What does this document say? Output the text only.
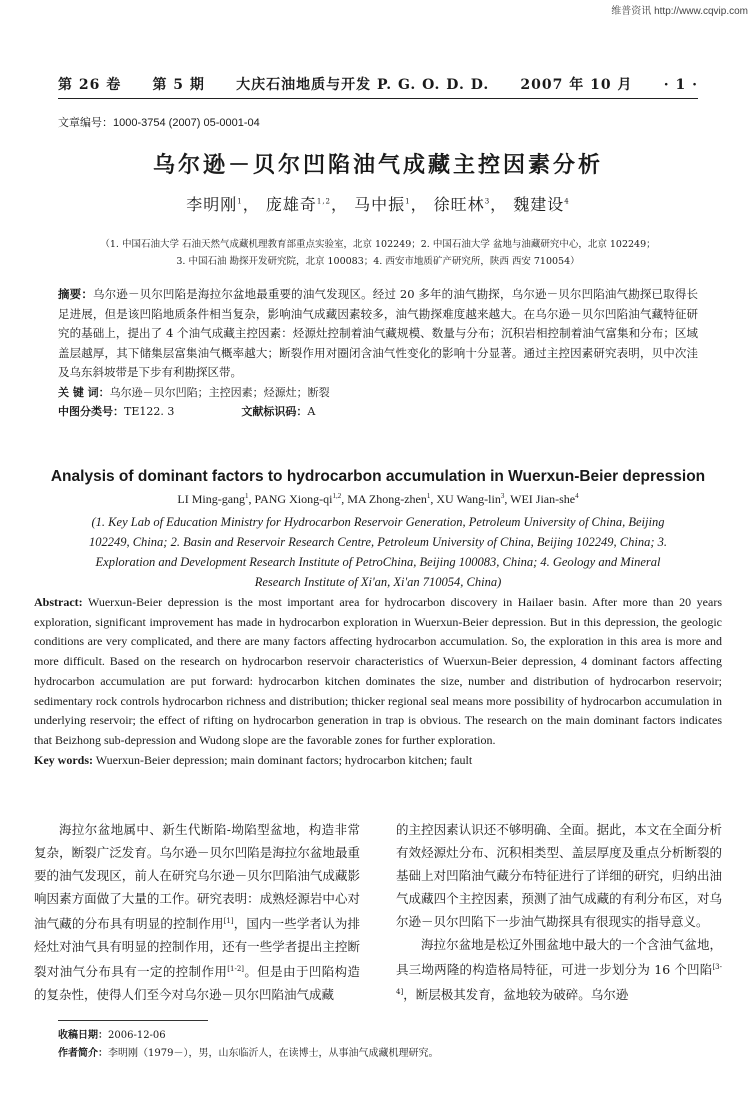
维普资讯 http://www.cqvip.com
第 26 卷 第 5 期 大庆石油地质与开发 P. G. O. D. D. 2007 年 10 月 · 1 ·
文章编号：1000-3754 (2007) 05-0001-04
乌尔逊－贝尔凹陷油气成藏主控因素分析
李明刚$^1$， 庞雄奇$^{1,2}$， 马中振$^1$， 徐旺林$^3$， 魏建设$^4$
（1. 中国石油大学 石油天然气成藏机理教育部重点实验室，北京 102249；2. 中国石油大学 盆地与油藏研究中心，北京 102249；
3. 中国石油 勘探开发研究院，北京 100083；4. 西安市地质矿产研究所，陕西 西安 710054）
摘要：乌尔逊－贝尔凹陷是海拉尔盆地最重要的油气发现区。经过 20 多年的油气勘探，乌尔逊－贝尔凹陷油气勘探已取得长足进展，但是该凹陷地质条件相当复杂，影响油气成藏因素较多，油气勘探难度越来越大。在乌尔逊－贝尔凹陷油气藏特征研究的基础上，提出了 4 个油气成藏主控因素：烃源灶控制着油气藏规模、数量与分布；沉积岩相控制着油气富集和分布；区域盖层越厚，其下储集层富集油气概率越大；断裂作用对圈闭含油气性变化的影响十分显著。通过主控因素研究表明，贝中次洼及乌东斜坡带是下步有利勘探区带。
关 键 词：乌尔逊－贝尔凹陷；主控因素；烃源灶；断裂
中图分类号：TE122. 3	文献标识码：A
Analysis of dominant factors to hydrocarbon accumulation in Wuerxun-Beier depression
LI Ming-gang$^1$, PANG Xiong-qi$^{1,2}$, MA Zhong-zhen$^1$, XU Wang-lin$^3$, WEI Jian-she$^4$
(1. Key Lab of Education Ministry for Hydrocarbon Reservoir Generation, Petroleum University of China, Beijing 102249, China; 2. Basin and Reservoir Research Centre, Petroleum University of China, Beijing 102249, China; 3. Exploration and Development Research Institute of PetroChina, Beijing 100083, China; 4. Geology and Mineral Research Institute of Xi'an, Xi'an 710054, China)
Abstract: Wuerxun-Beier depression is the most important area for hydrocarbon discovery in Hailaer basin. After more than 20 years exploration, significant improvement has made in hydrocarbon exploration in Wuerxun-Beier depression. But in this depression, the geologic conditions are very complicated, and there are many factors affecting hydrocarbon accumulation. So, the exploration in this area is more and more difficult. Based on the research on hydrocarbon reservoir characteristics of Wuerxun-Beier depression, 4 dominant factors affecting hydrocarbon accumulation are put forward: hydrocarbon kitchen dominates the size, number and distribution of hydrocarbon reservoir; sedimentary rock controls hydrocarbon richness and distribution; thicker regional seal means more possibility of hydrocarbon accumulation in underlying reservoir; the effect of rifting on hydrocarbon generation in trap is obvious. The research on the main dominant factors indicates that Beizhong sub-depression and Wudong slope are the favorable zones for further exploration.
Key words: Wuerxun-Beier depression; main dominant factors; hydrocarbon kitchen; fault

海拉尔盆地属中、新生代断陷-坳陷型盆地，构造非常复杂，断裂广泛发育。乌尔逊－贝尔凹陷是海拉尔盆地最重要的油气发现区，前人在研究乌尔逊－贝尔凹陷油气成藏影响因素方面做了大量的工作。研究表明：成熟烃源岩中心对油气藏的分布具有明显的控制作用[1]，国内一些学者认为排烃灶对油气具有明显的控制作用，还有一些学者提出主控断裂对油气分布具有一定的控制作用[1-2]。但是由于凹陷构造的复杂性，使得人们至今对乌尔逊－贝尔凹陷油气成藏

的主控因素认识还不够明确、全面。据此，本文在全面分析有效烃源灶分布、沉积相类型、盖层厚度及重点分析断裂的基础上对凹陷油气藏分布特征进行了详细的研究，归纳出油气成藏四个主控因素，预测了油气成藏的有利分布区，对乌尔逊－贝尔凹陷下一步油气勘探具有很现实的指导意义。

海拉尔盆地是松辽外围盆地中最大的一个含油气盆地，具三坳两隆的构造格局特征，可进一步划分为 16 个凹陷[3-4]，断层极其发育，盆地较为破碎。乌尔逊

收稿日期：2006-12-06
作者简介：李明刚（1979－），男，山东临沂人，在读博士，从事油气成藏机理研究。
